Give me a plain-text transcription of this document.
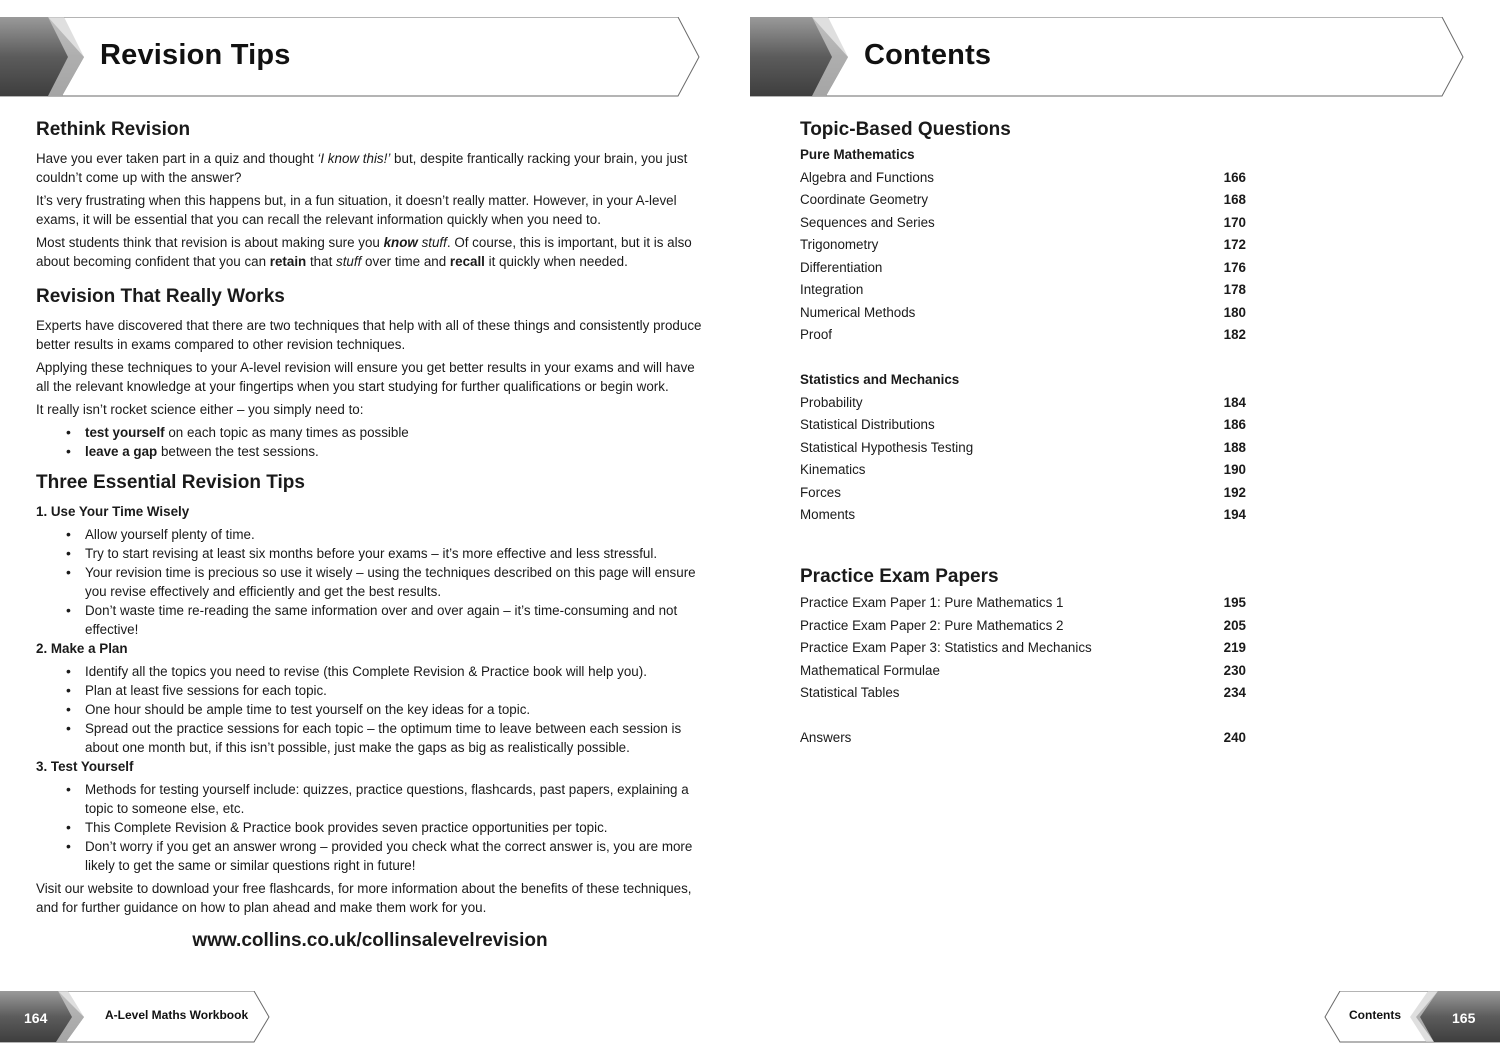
Revision Tips
Rethink Revision

Have you ever taken part in a quiz and thought ‘I know this!’ but, despite frantically racking your brain, you just couldn’t come up with the answer?

It’s very frustrating when this happens but, in a fun situation, it doesn’t really matter. However, in your A-level exams, it will be essential that you can recall the relevant information quickly when you need to.

Most students think that revision is about making sure you know stuff. Of course, this is important, but it is also about becoming confident that you can retain that stuff over time and recall it quickly when needed.

Revision That Really Works

Experts have discovered that there are two techniques that help with all of these things and consistently produce better results in exams compared to other revision techniques.

Applying these techniques to your A-level revision will ensure you get better results in your exams and will have all the relevant knowledge at your fingertips when you start studying for further qualifications or begin work.

It really isn’t rocket science either – you simply need to:

• test yourself on each topic as many times as possible
• leave a gap between the test sessions.
Three Essential Revision Tips
1. Use Your Time Wisely
• Allow yourself plenty of time.
• Try to start revising at least six months before your exams – it’s more effective and less stressful.
• Your revision time is precious so use it wisely – using the techniques described on this page will ensure you revise effectively and efficiently and get the best results.
• Don’t waste time re-reading the same information over and over again – it’s time-consuming and not effective!
2. Make a Plan
• Identify all the topics you need to revise (this Complete Revision & Practice book will help you).
• Plan at least five sessions for each topic.
• One hour should be ample time to test yourself on the key ideas for a topic.
• Spread out the practice sessions for each topic – the optimum time to leave between each session is about one month but, if this isn’t possible, just make the gaps as big as realistically possible.
3. Test Yourself
• Methods for testing yourself include: quizzes, practice questions, flashcards, past papers, explaining a topic to someone else, etc.
• This Complete Revision & Practice book provides seven practice opportunities per topic.
• Don’t worry if you get an answer wrong – provided you check what the correct answer is, you are more likely to get the same or similar questions right in future!

Visit our website to download your free flashcards, for more information about the benefits of these techniques, and for further guidance on how to plan ahead and make them work for you.

www.collins.co.uk/collinsalevelrevision
164	A-Level Maths Workbook
Contents
Topic-Based Questions
Pure Mathematics
Algebra and Functions	166
Coordinate Geometry	168
Sequences and Series	170
Trigonometry	172
Differentiation	176
Integration	178
Numerical Methods	180
Proof	182
Statistics and Mechanics
Probability	184
Statistical Distributions	186
Statistical Hypothesis Testing	188
Kinematics	190
Forces	192
Moments	194
Practice Exam Papers
Practice Exam Paper 1: Pure Mathematics 1	195
Practice Exam Paper 2: Pure Mathematics 2	205
Practice Exam Paper 3: Statistics and Mechanics	219
Mathematical Formulae	230
Statistical Tables	234
Answers	240
Contents	165
